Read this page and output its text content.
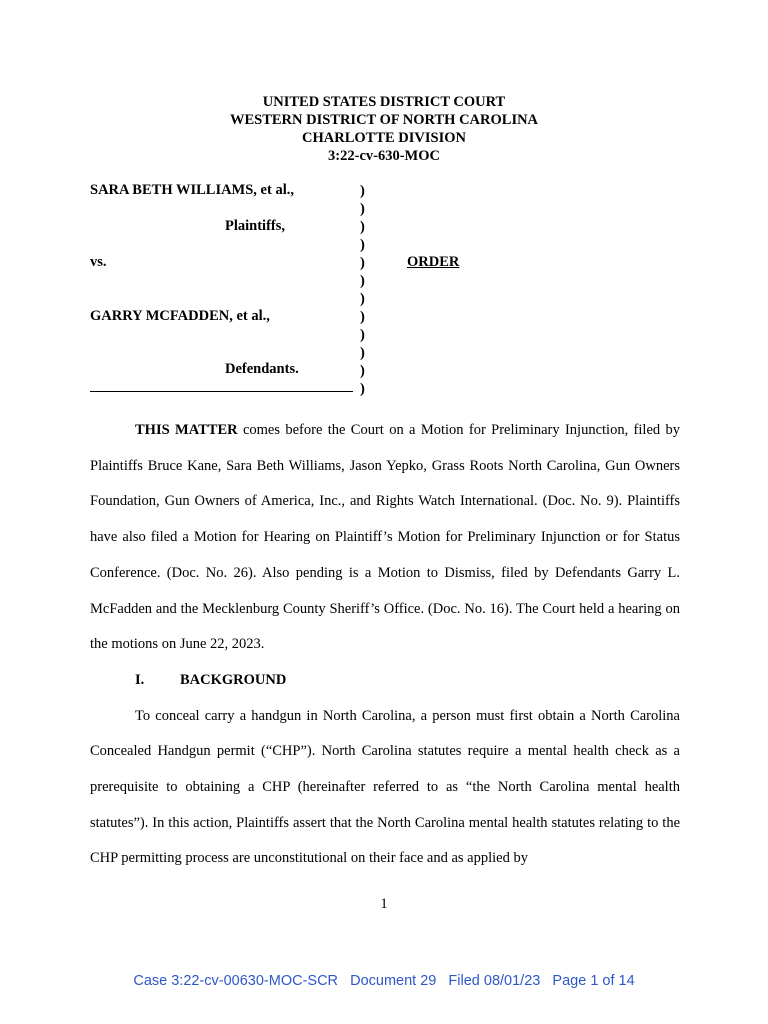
UNITED STATES DISTRICT COURT
WESTERN DISTRICT OF NORTH CAROLINA
CHARLOTTE DIVISION
3:22-cv-630-MOC
SARA BETH WILLIAMS, et al.,
Plaintiffs,
vs.
GARRY MCFADDEN, et al.,
Defendants.
)
)
)
)
)
)
)
)
)
)
)
)
ORDER

THIS MATTER comes before the Court on a Motion for Preliminary Injunction, filed by Plaintiffs Bruce Kane, Sara Beth Williams, Jason Yepko, Grass Roots North Carolina, Gun Owners Foundation, Gun Owners of America, Inc., and Rights Watch International. (Doc. No. 9). Plaintiffs have also filed a Motion for Hearing on Plaintiff’s Motion for Preliminary Injunction or for Status Conference. (Doc. No. 26). Also pending is a Motion to Dismiss, filed by Defendants Garry L. McFadden and the Mecklenburg County Sheriff’s Office. (Doc. No. 16). The Court held a hearing on the motions on June 22, 2023.

I. BACKGROUND

To conceal carry a handgun in North Carolina, a person must first obtain a North Carolina Concealed Handgun permit (“CHP”). North Carolina statutes require a mental health check as a prerequisite to obtaining a CHP (hereinafter referred to as “the North Carolina mental health statutes”). In this action, Plaintiffs assert that the North Carolina mental health statutes relating to the CHP permitting process are unconstitutional on their face and as applied by

1
Case 3:22-cv-00630-MOC-SCR   Document 29   Filed 08/01/23   Page 1 of 14
